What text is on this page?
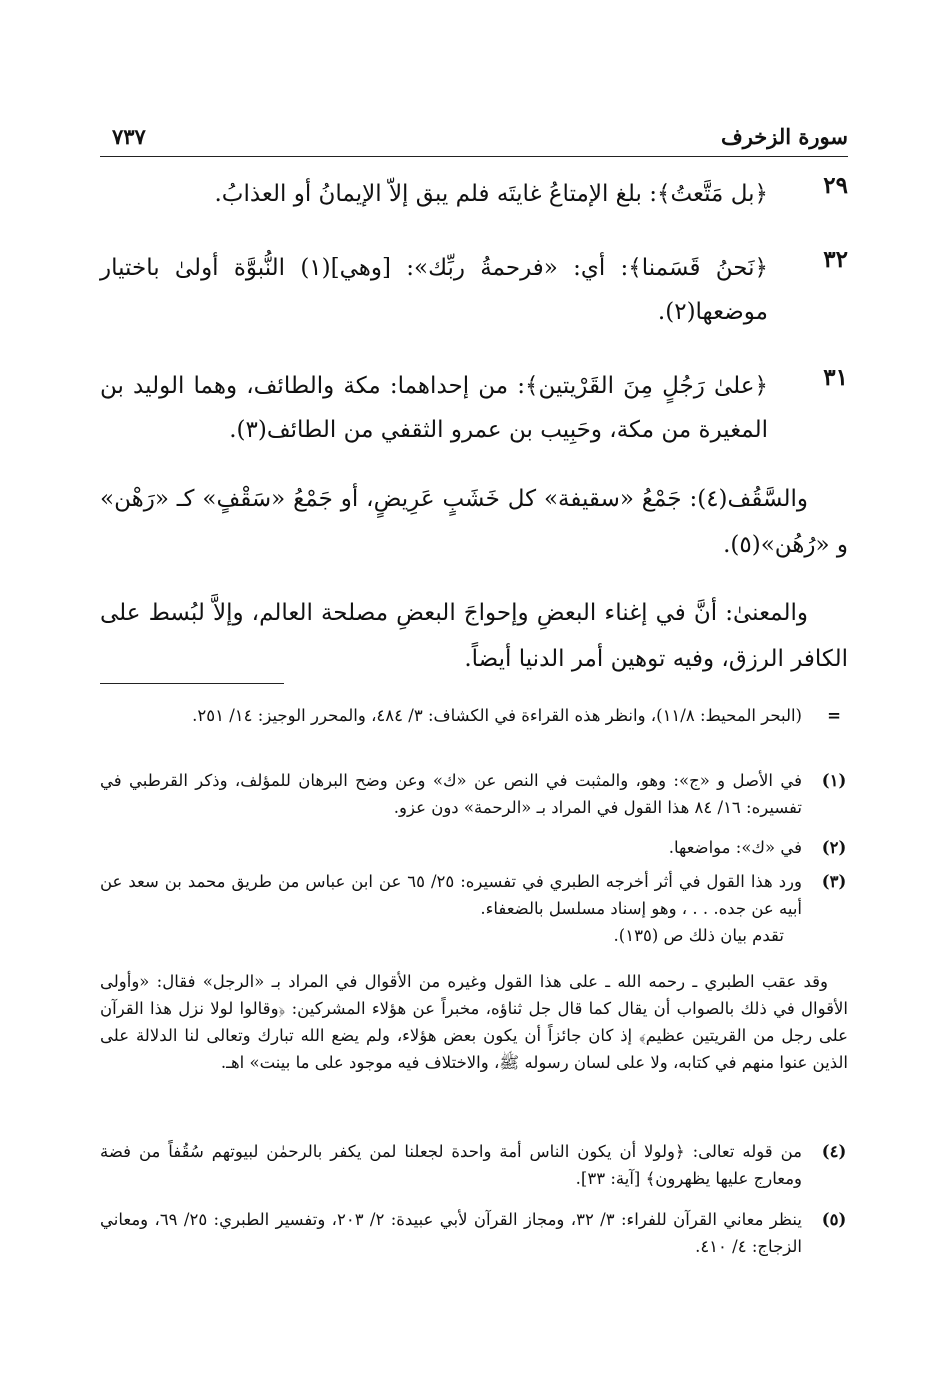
سورة الزخرف
٧٣٧
٢٩
﴿بل مَتَّعتُ﴾: بلغ الإمتاعُ غايتَه فلم يبق إلاّ الإيمانُ أو العذابُ.
٣٢
﴿نَحنُ قَسَمنا﴾: أي: «فرحمةُ ربِّك»: [وهي](١) النُّبوَّة أولىٰ باختيار موضعها(٢).
٣١
﴿علىٰ رَجُلٍ مِنَ القَرْيتين﴾: من إحداهما: مكة والطائف، وهما الوليد بن المغيرة من مكة، وحَبِيب بن عمرو الثقفي من الطائف(٣).
والسَّقُف(٤): جَمْعُ «سقيفة» كل خَشَبٍ عَرِيضٍ، أو جَمْعُ «سَقْفٍ» كـ «رَهْن» و «رُهُن»(٥).
والمعنىٰ: أنَّ في إغناء البعضِ وإحواجَ البعضِ مصلحة العالم، وإلاَّ لبُسط على الكافر الرزق، وفيه توهين أمر الدنيا أيضاً.
=
(البحر المحيط: ١١/٨)، وانظر هذه القراءة في الكشاف: ٣/ ٤٨٤، والمحرر الوجيز: ١٤/ ٢٥١.
(١)
في الأصل و «ج»: وهو، والمثبت في النص عن «ك» وعن وضح البرهان للمؤلف، وذكر القرطبي في تفسيره: ١٦/ ٨٤ هذا القول في المراد بـ «الرحمة» دون عزو.
(٢)
في «ك»: مواضعها.
(٣)
ورد هذا القول في أثر أخرجه الطبري في تفسيره: ٢٥/ ٦٥ عن ابن عباس من طريق محمد بن سعد عن أبيه عن جده. . . ، وهو إسناد مسلسل بالضعفاء.
تقدم بيان ذلك ص (١٣٥).
وقد عقب الطبري ـ رحمه الله ـ على هذا القول وغيره من الأقوال في المراد بـ «الرجل» فقال: «وأولى الأقوال في ذلك بالصواب أن يقال كما قال جل ثناؤه، مخبراً عن هؤلاء المشركين: ﴿وقالوا لولا نزل هذا القرآن على رجل من القريتين عظيم﴾ إذ كان جائزاً أن يكون بعض هؤلاء، ولم يضع الله تبارك وتعالى لنا الدلالة على الذين عنوا منهم في كتابه، ولا على لسان رسوله ﷺ، والاختلاف فيه موجود على ما بينت» اهـ.
(٤)
من قوله تعالى: ﴿ولولا أن يكون الناس أمة واحدة لجعلنا لمن يكفر بالرحمٰن لبيوتهم سُقُفاً من فضة ومعارج عليها يظهرون﴾ [آية: ٣٣].
(٥)
ينظر معاني القرآن للفراء: ٣/ ٣٢، ومجاز القرآن لأبي عبيدة: ٢/ ٢٠٣، وتفسير الطبري: ٢٥/ ٦٩، ومعاني الزجاج: ٤/ ٤١٠.
